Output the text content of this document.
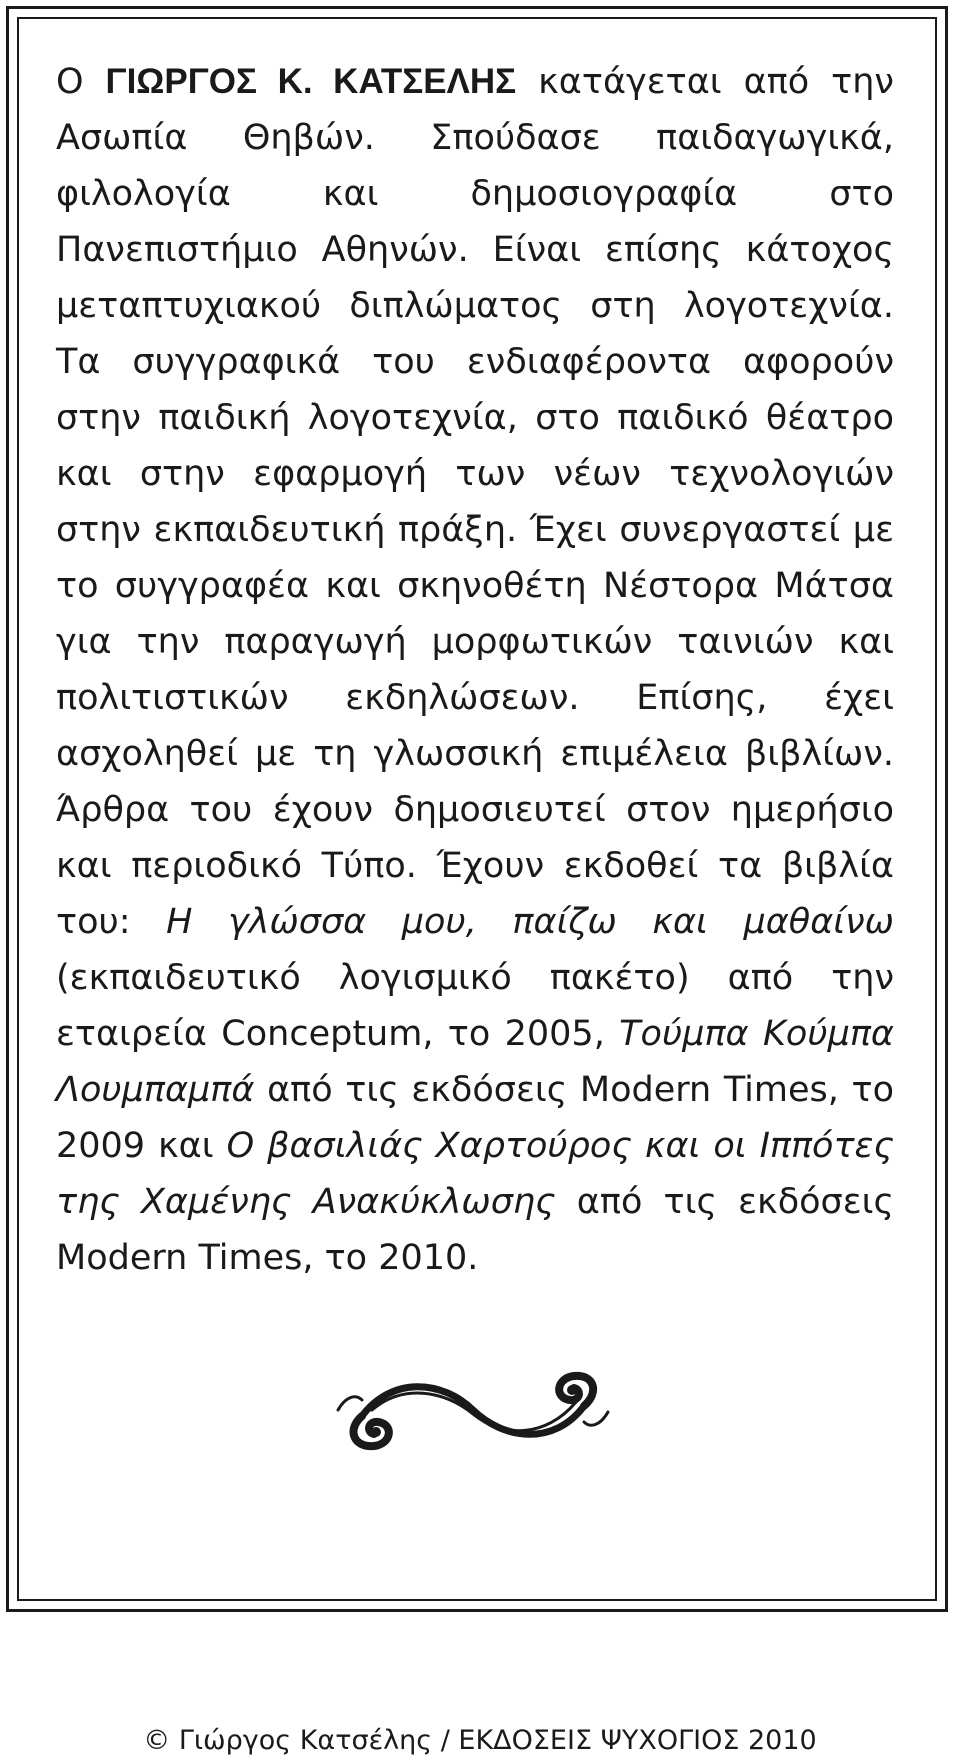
Ο ΓΙΩΡΓΟΣ Κ. ΚΑΤΣΕΛΗΣ κατάγεται από την Ασωπία Θηβών. Σπούδασε παιδαγωγικά, φιλολογία και δημοσιογραφία στο Πανεπιστήμιο Αθηνών. Είναι επίσης κάτοχος μεταπτυχιακού διπλώματος στη λογοτεχνία. Τα συγγραφικά του ενδιαφέροντα αφορούν στην παιδική λογοτεχνία, στο παιδικό θέατρο και στην εφαρμογή των νέων τεχνολογιών στην εκπαιδευτική πράξη. Έχει συνεργαστεί με το συγγραφέα και σκηνοθέτη Νέστορα Μάτσα για την παραγωγή μορφωτικών ταινιών και πολιτιστικών εκδηλώσεων. Επίσης, έχει ασχοληθεί με τη γλωσσική επιμέλεια βιβλίων. Άρθρα του έχουν δημοσιευτεί στον ημερήσιο και περιοδικό Τύπο. Έχουν εκδοθεί τα βιβλία του: Η γλώσσα μου, παίζω και μαθαίνω (εκπαιδευτικό λογισμικό πακέτο) από την εταιρεία Conceptum, το 2005, Τούμπα Κούμπα Λουμπαμπά από τις εκδόσεις Modern Times, το 2009 και Ο βασιλιάς Χαρτούρος και οι Ιππότες της Χαμένης Ανακύκλωσης από τις εκδόσεις Modern Times, το 2010.

© Γιώργος Κατσέλης / ΕΚΔΟΣΕΙΣ ΨΥΧΟΓΙΟΣ 2010
